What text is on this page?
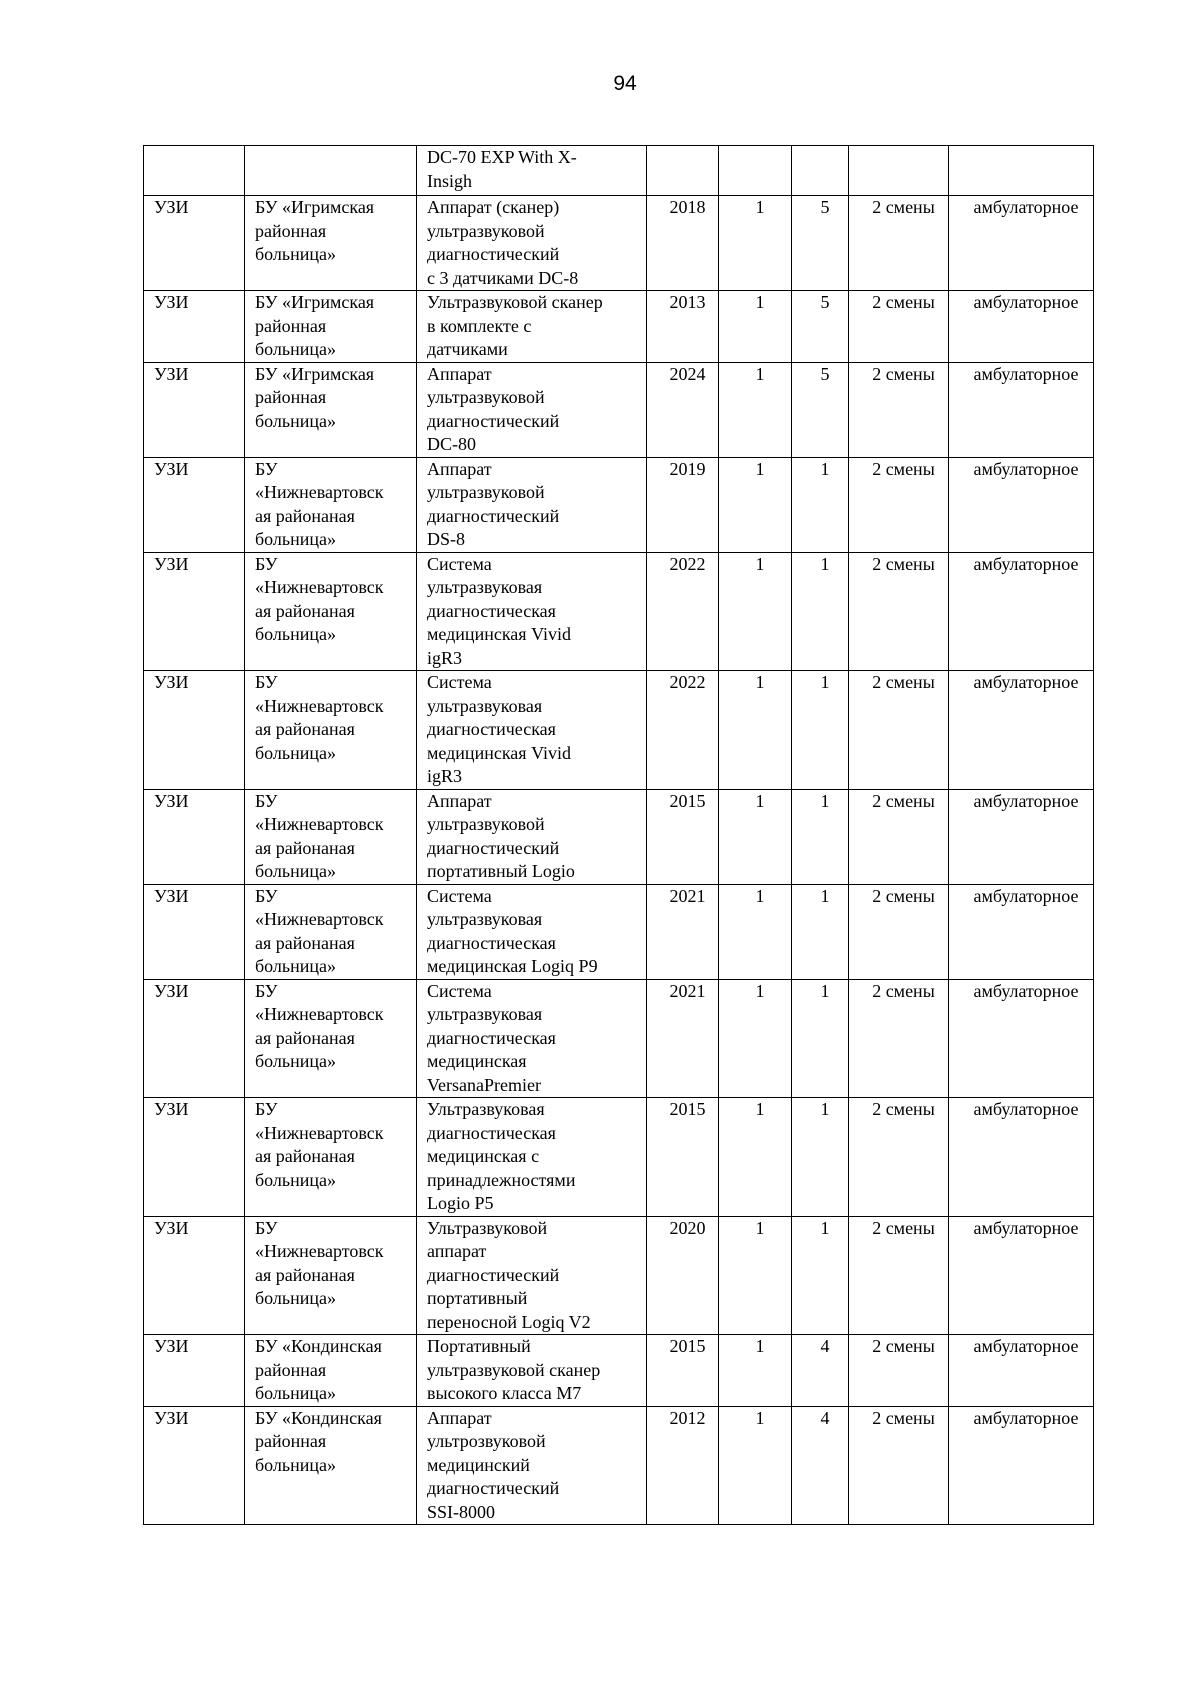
94
		DC-70 EXP With X-
Insigh					
УЗИ	БУ «Игримская
районная
больница»	Аппарат (сканер)
ультразвуковой
диагностический
с 3 датчиками DC-8	2018	1	5	2 смены	амбулаторное
УЗИ	БУ «Игримская
районная
больница»	Ультразвуковой сканер
в комплекте с
датчиками	2013	1	5	2 смены	амбулаторное
УЗИ	БУ «Игримская
районная
больница»	Аппарат
ультразвуковой
диагностический
DC-80	2024	1	5	2 смены	амбулаторное
УЗИ	БУ
«Нижневартовск
ая районаная
больница»	Аппарат
ультразвуковой
диагностический
DS-8	2019	1	1	2 смены	амбулаторное
УЗИ	БУ
«Нижневартовск
ая районаная
больница»	Система
ультразвуковая
диагностическая
медицинская Vivid
igR3	2022	1	1	2 смены	амбулаторное
УЗИ	БУ
«Нижневартовск
ая районаная
больница»	Система
ультразвуковая
диагностическая
медицинская Vivid
igR3	2022	1	1	2 смены	амбулаторное
УЗИ	БУ
«Нижневартовск
ая районаная
больница»	Аппарат
ультразвуковой
диагностический
портативный Logio	2015	1	1	2 смены	амбулаторное
УЗИ	БУ
«Нижневартовск
ая районаная
больница»	Система
ультразвуковая
диагностическая
медицинская Logiq P9	2021	1	1	2 смены	амбулаторное
УЗИ	БУ
«Нижневартовск
ая районаная
больница»	Система
ультразвуковая
диагностическая
медицинская
VersanaPremier	2021	1	1	2 смены	амбулаторное
УЗИ	БУ
«Нижневартовск
ая районаная
больница»	Ультразвуковая
диагностическая
медицинская с
принадлежностями
Logio P5	2015	1	1	2 смены	амбулаторное
УЗИ	БУ
«Нижневартовск
ая районаная
больница»	Ультразвуковой
аппарат
диагностический
портативный
переносной Logiq V2	2020	1	1	2 смены	амбулаторное
УЗИ	БУ «Кондинская
районная
больница»	Портативный
ультразвуковой сканер
высокого класса M7	2015	1	4	2 смены	амбулаторное
УЗИ	БУ «Кондинская
районная
больница»	Аппарат
ультрозвуковой
медицинский
диагностический
SSI-8000	2012	1	4	2 смены	амбулаторное
